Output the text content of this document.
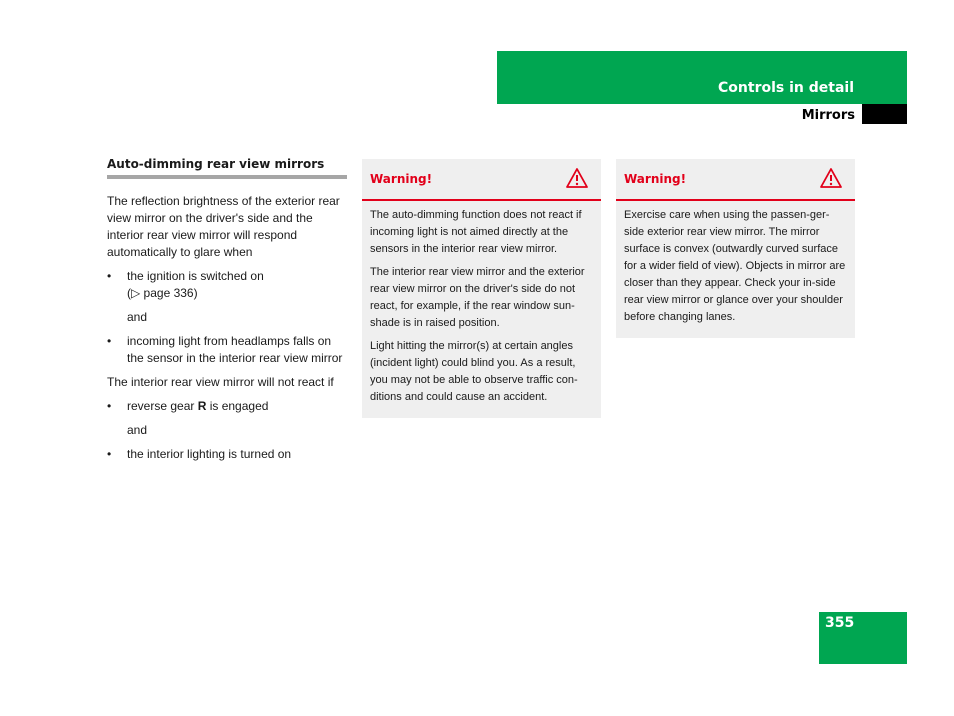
Controls in detail
Mirrors
Auto-dimming rear view mirrors

The reflection brightness of the exterior rear view mirror on the driver's side and the interior rear view mirror will respond automatically to glare when

• the ignition is switched on
(▷ page 336)
and
• incoming light from headlamps falls on the sensor in the interior rear view mirror

The interior rear view mirror will not react if

• reverse gear R is engaged
and
• the interior lighting is turned on
Warning!

The auto-dimming function does not react if incoming light is not aimed directly at the sensors in the interior rear view mirror.

The interior rear view mirror and the exterior rear view mirror on the driver's side do not react, for example, if the rear window sun-shade is in raised position.

Light hitting the mirror(s) at certain angles (incident light) could blind you. As a result, you may not be able to observe traffic con-ditions and could cause an accident.

Warning!

Exercise care when using the passen-ger-side exterior rear view mirror. The mirror surface is convex (outwardly curved surface for a wider field of view). Objects in mirror are closer than they appear. Check your in-side rear view mirror or glance over your shoulder before changing lanes.

355
